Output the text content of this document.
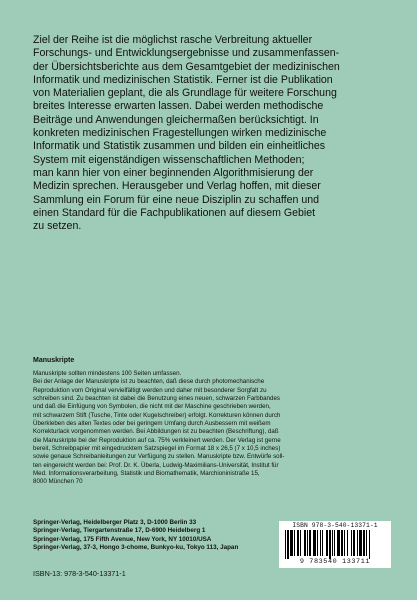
Ziel der Reihe ist die möglichst rasche Verbreitung aktueller
Forschungs- und Entwicklungsergebnisse und zusammenfassen-
der Übersichtsberichte aus dem Gesamtgebiet der medizinischen
Informatik und medizinischen Statistik. Ferner ist die Publikation
von Materialien geplant, die als Grundlage für weitere Forschung
breites Interesse erwarten lassen. Dabei werden methodische
Beiträge und Anwendungen gleichermaßen berücksichtigt. In
konkreten medizinischen Fragestellungen wirken medizinische
Informatik und Statistik zusammen und bilden ein einheitliches
System mit eigenständigen wissenschaftlichen Methoden;
man kann hier von einer beginnenden Algorithmisierung der
Medizin sprechen. Herausgeber und Verlag hoffen, mit dieser
Sammlung ein Forum für eine neue Disziplin zu schaffen und
einen Standard für die Fachpublikationen auf diesem Gebiet
zu setzen.
Manuskripte
Manuskripte sollten mindestens 100 Seiten umfassen.
Bei der Anlage der Manuskripte ist zu beachten, daß diese durch photomechanische
Reproduktion vom Original vervielfältigt werden und daher mit besonderer Sorgfalt zu
schreiben sind. Zu beachten ist dabei die Benutzung eines neuen, schwarzen Farbbandes
und daß die Einfügung von Symbolen, die nicht mit der Maschine geschrieben werden,
mit schwarzem Stift (Tusche, Tinte oder Kugelschreiber) erfolgt. Korrekturen können durch
Überkleben des alten Textes oder bei geringem Umfang durch Ausbessern mit weißem
Korrekturlack vorgenommen werden. Bei Abbildungen ist zu beachten (Beschriftung), daß
die Manuskripte bei der Reproduktion auf ca. 75% verkleinert werden. Der Verlag ist gerne
bereit, Schreibpapier mit eingedrucktem Satzspiegel im Format 18 x 26,5 (7 x 10,5 inches)
sowie genaue Schreibanleitungen zur Verfügung zu stellen. Manuskripte bzw. Entwürfe soll-
ten eingereicht werden bei: Prof. Dr. K. Überla, Ludwig-Maximilians-Universität, Institut für
Med. Informationsverarbeitung, Statistik und Biomathematik, Marchioninistraße 15,
8000 München 70
Springer-Verlag, Heidelberger Platz 3, D-1000 Berlin 33
Springer-Verlag, Tiergartenstraße 17, D-6900 Heidelberg 1
Springer-Verlag, 175 Fifth Avenue, New York, NY 10010/USA
Springer-Verlag, 37-3, Hongo 3-chome, Bunkyo-ku, Tokyo 113, Japan
ISBN-13: 978-3-540-13371-1
ISBN 978-3-540-13371-1
9 783540 133711
